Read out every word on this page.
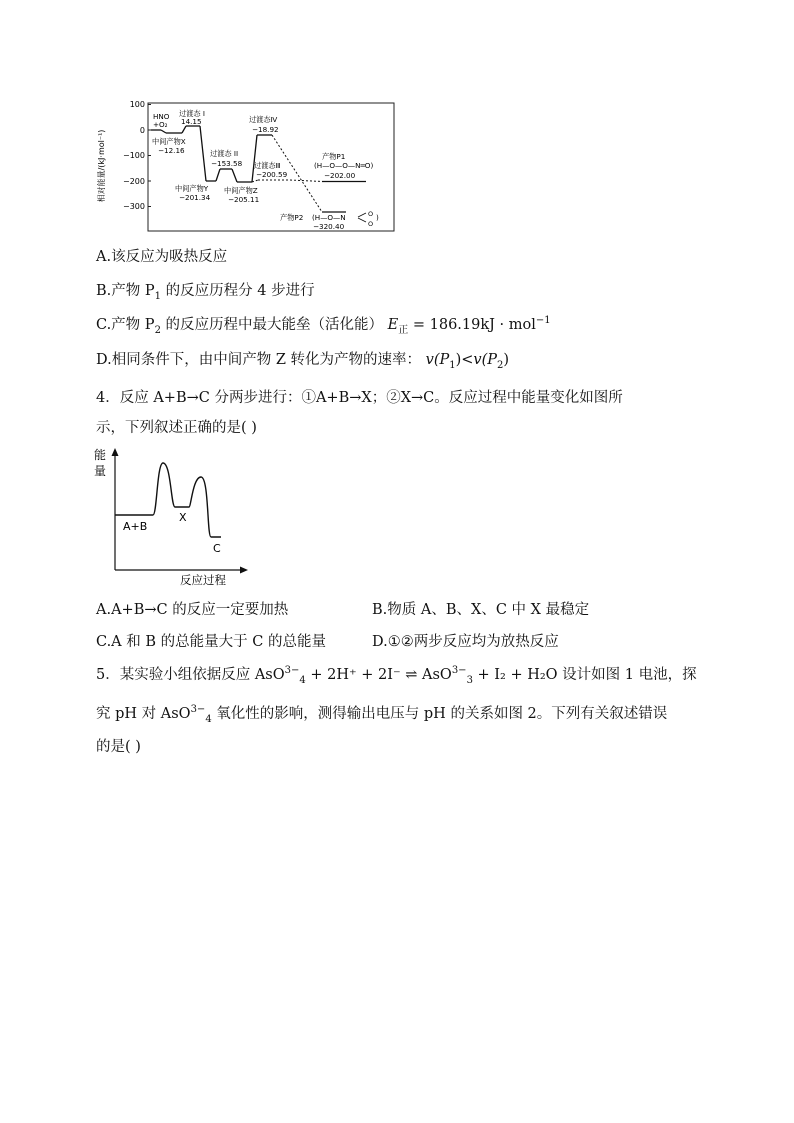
相对能量/(kJ·mol⁻¹)
100
0
−100
−200
−300
HNO
+O₂
中间产物X
−12.16
过渡态 I
14.15
过渡态 II
−153.58
中间产物Y
−201.34
中间产物Z
−205.11
过渡态Ⅳ
−18.92
过渡态Ⅲ
−200.59
产物P1
(H—O—O—N═O)
−202.00
产物P2 (H—O—N
−320.40
O
O
)
A.该反应为吸热反应
B.产物 $P_1$ 的反应历程分 4 步进行
C.产物 $P_2$ 的反应历程中最大能垒（活化能） $E_正 = 186.19kJ \cdot mol^{-1}$
D.相同条件下，由中间产物 Z 转化为产物的速率： $v(P_1)<v(P_2)$
4．反应 A+B→C 分两步进行：①A+B→X；②X→C。反应过程中能量变化如图所
示，下列叙述正确的是( )
能
量
A+B
X
C
反应过程
A.A+B→C 的反应一定要加热	B.物质 A、B、X、C 中 X 最稳定
C.A 和 B 的总能量大于 C 的总能量	D.①②两步反应均为放热反应
5．某实验小组依据反应 AsO$^{3-}_4$ + 2H⁺ + 2I⁻ ⇌ AsO$^{3-}_3$ + I₂ + H₂O 设计如图 1 电池，探
究 pH 对 AsO$^{3-}_4$ 氧化性的影响，测得输出电压与 pH 的关系如图 2。下列有关叙述错误
的是( )
